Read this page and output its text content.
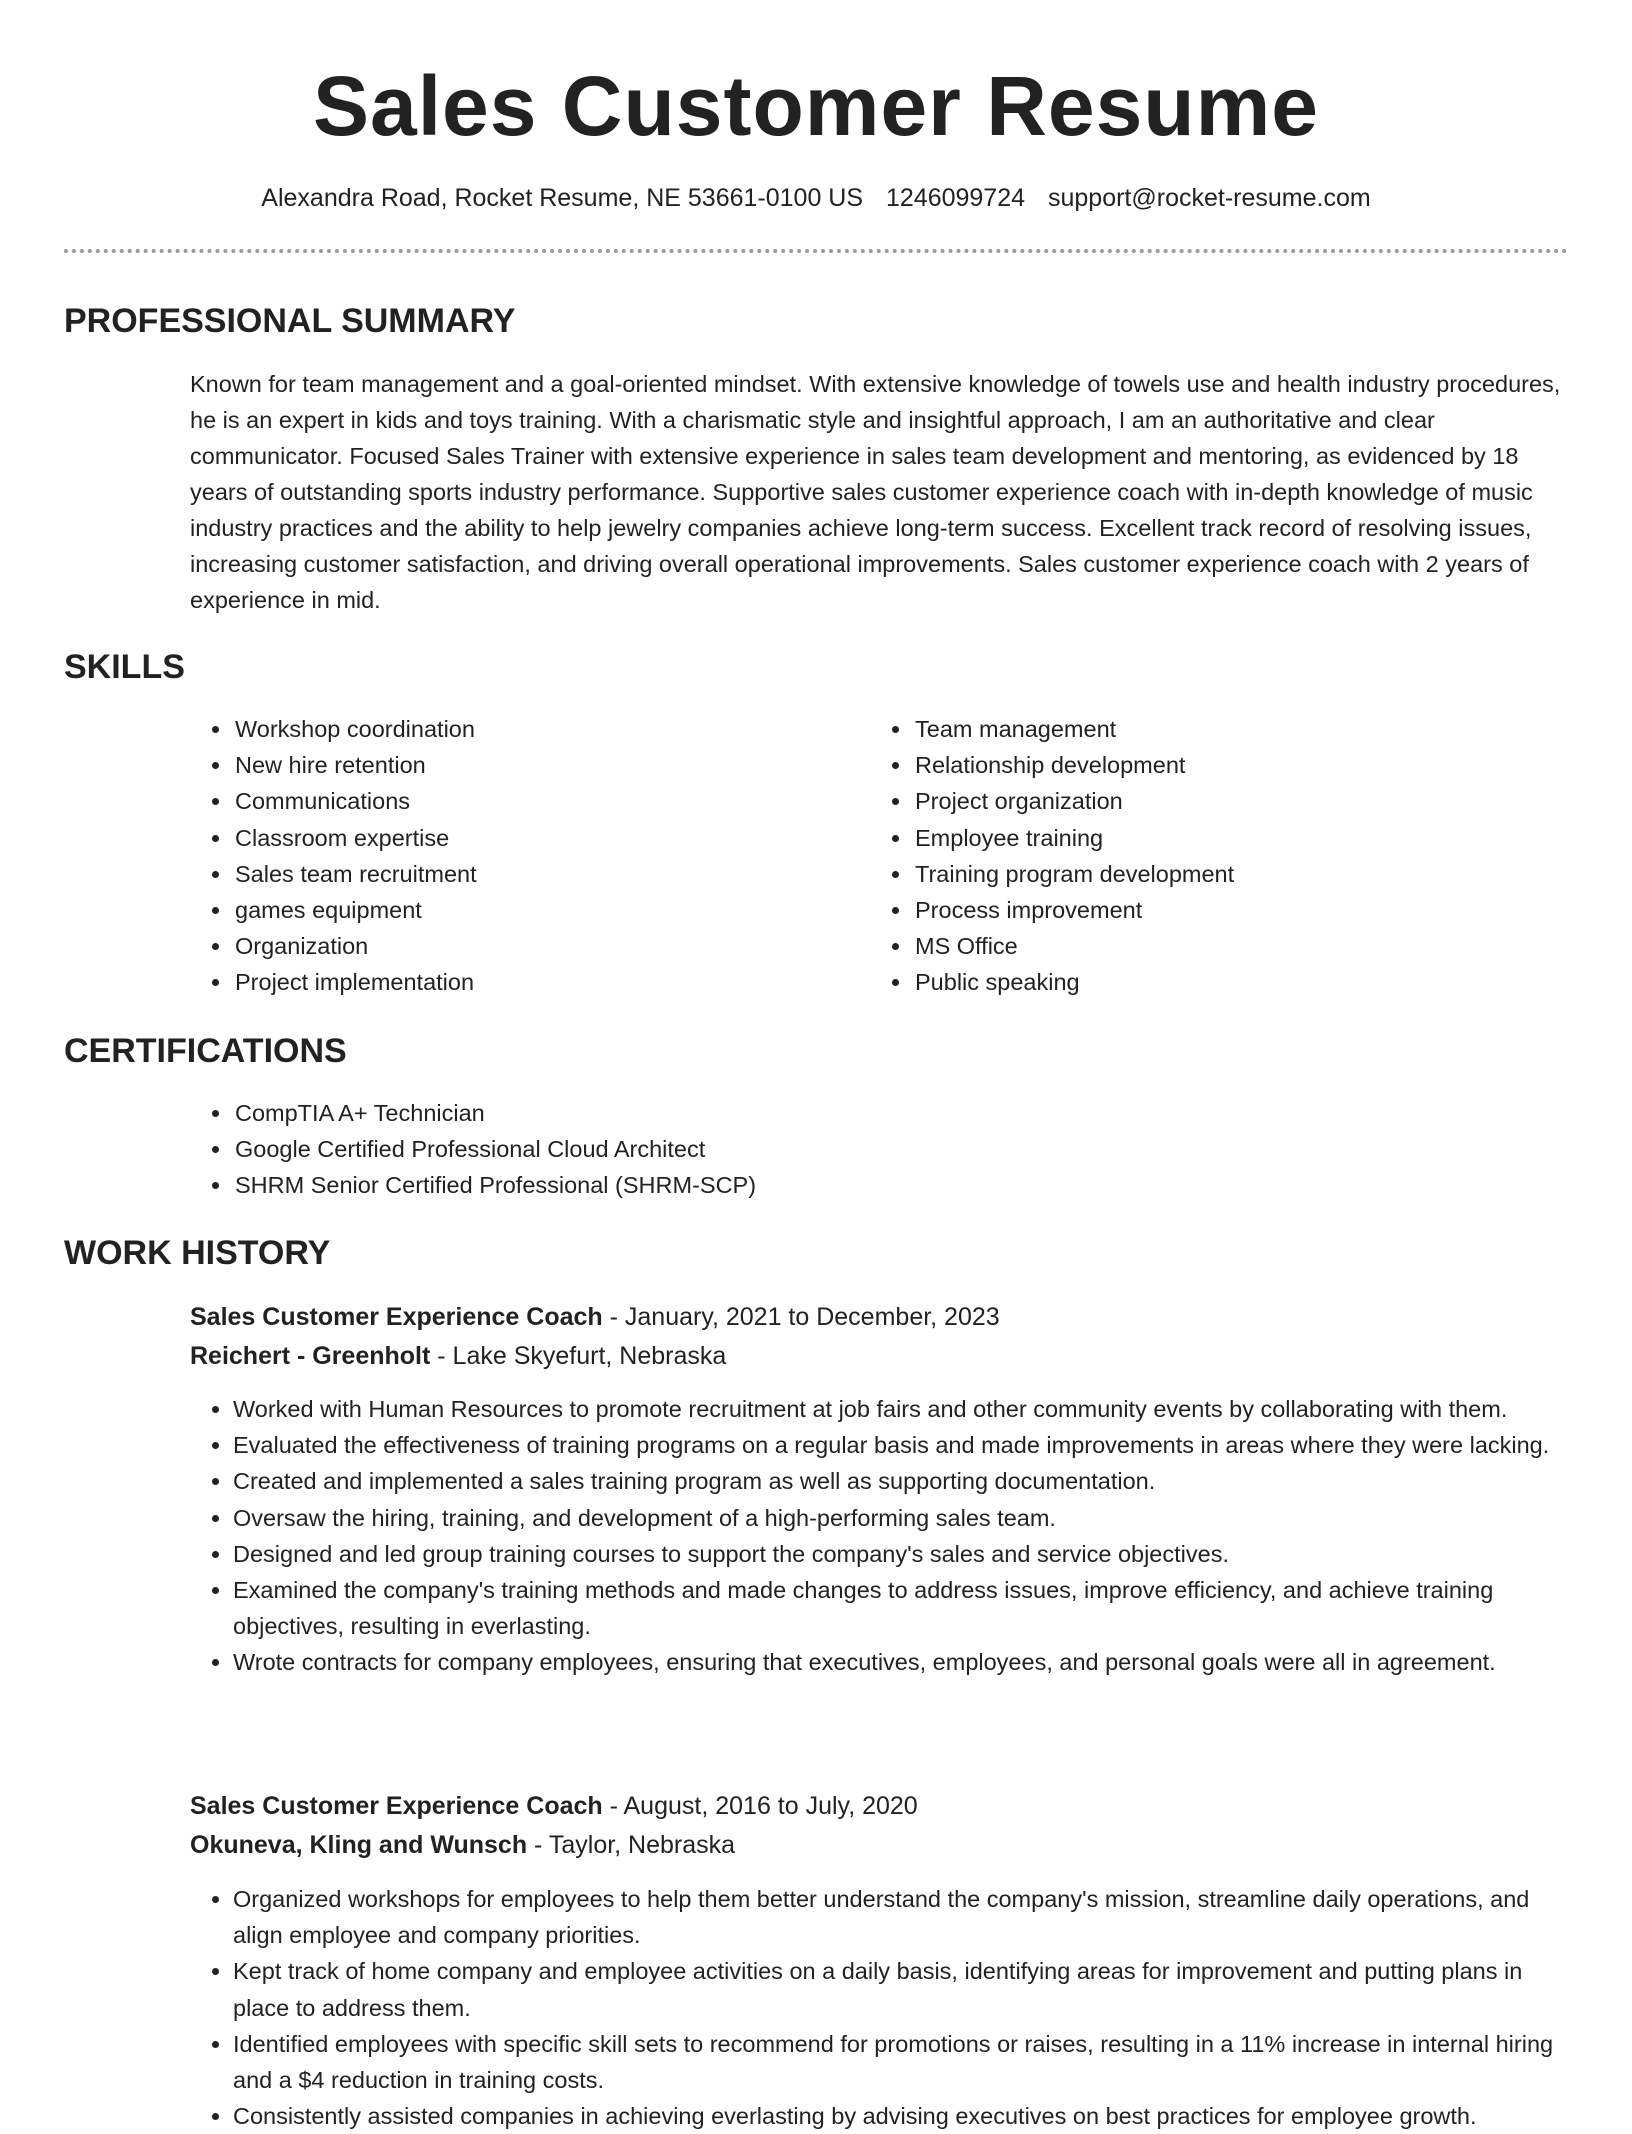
Sales Customer Resume
Alexandra Road, Rocket Resume, NE 53661-0100 US 1246099724 support@rocket-resume.com
PROFESSIONAL SUMMARY

Known for team management and a goal-oriented mindset. With extensive knowledge of towels use and health industry procedures, he is an expert in kids and toys training. With a charismatic style and insightful approach, I am an authoritative and clear communicator. Focused Sales Trainer with extensive experience in sales team development and mentoring, as evidenced by 18 years of outstanding sports industry performance. Supportive sales customer experience coach with in-depth knowledge of music industry practices and the ability to help jewelry companies achieve long-term success. Excellent track record of resolving issues, increasing customer satisfaction, and driving overall operational improvements. Sales customer experience coach with 2 years of experience in mid.

SKILLS
• Workshop coordination
• New hire retention
• Communications
• Classroom expertise
• Sales team recruitment
• games equipment
• Organization
• Project implementation
• Team management
• Relationship development
• Project organization
• Employee training
• Training program development
• Process improvement
• MS Office
• Public speaking
CERTIFICATIONS
• CompTIA A+ Technician
• Google Certified Professional Cloud Architect
• SHRM Senior Certified Professional (SHRM-SCP)
WORK HISTORY
Sales Customer Experience Coach - January, 2021 to December, 2023
Reichert - Greenholt - Lake Skyefurt, Nebraska
• Worked with Human Resources to promote recruitment at job fairs and other community events by collaborating with them.
• Evaluated the effectiveness of training programs on a regular basis and made improvements in areas where they were lacking.
• Created and implemented a sales training program as well as supporting documentation.
• Oversaw the hiring, training, and development of a high-performing sales team.
• Designed and led group training courses to support the company's sales and service objectives.
• Examined the company's training methods and made changes to address issues, improve efficiency, and achieve training objectives, resulting in everlasting.
• Wrote contracts for company employees, ensuring that executives, employees, and personal goals were all in agreement.
Sales Customer Experience Coach - August, 2016 to July, 2020
Okuneva, Kling and Wunsch - Taylor, Nebraska
• Organized workshops for employees to help them better understand the company's mission, streamline daily operations, and align employee and company priorities.
• Kept track of home company and employee activities on a daily basis, identifying areas for improvement and putting plans in place to address them.
• Identified employees with specific skill sets to recommend for promotions or raises, resulting in a 11% increase in internal hiring and a $4 reduction in training costs.
• Consistently assisted companies in achieving everlasting by advising executives on best practices for employee growth.
